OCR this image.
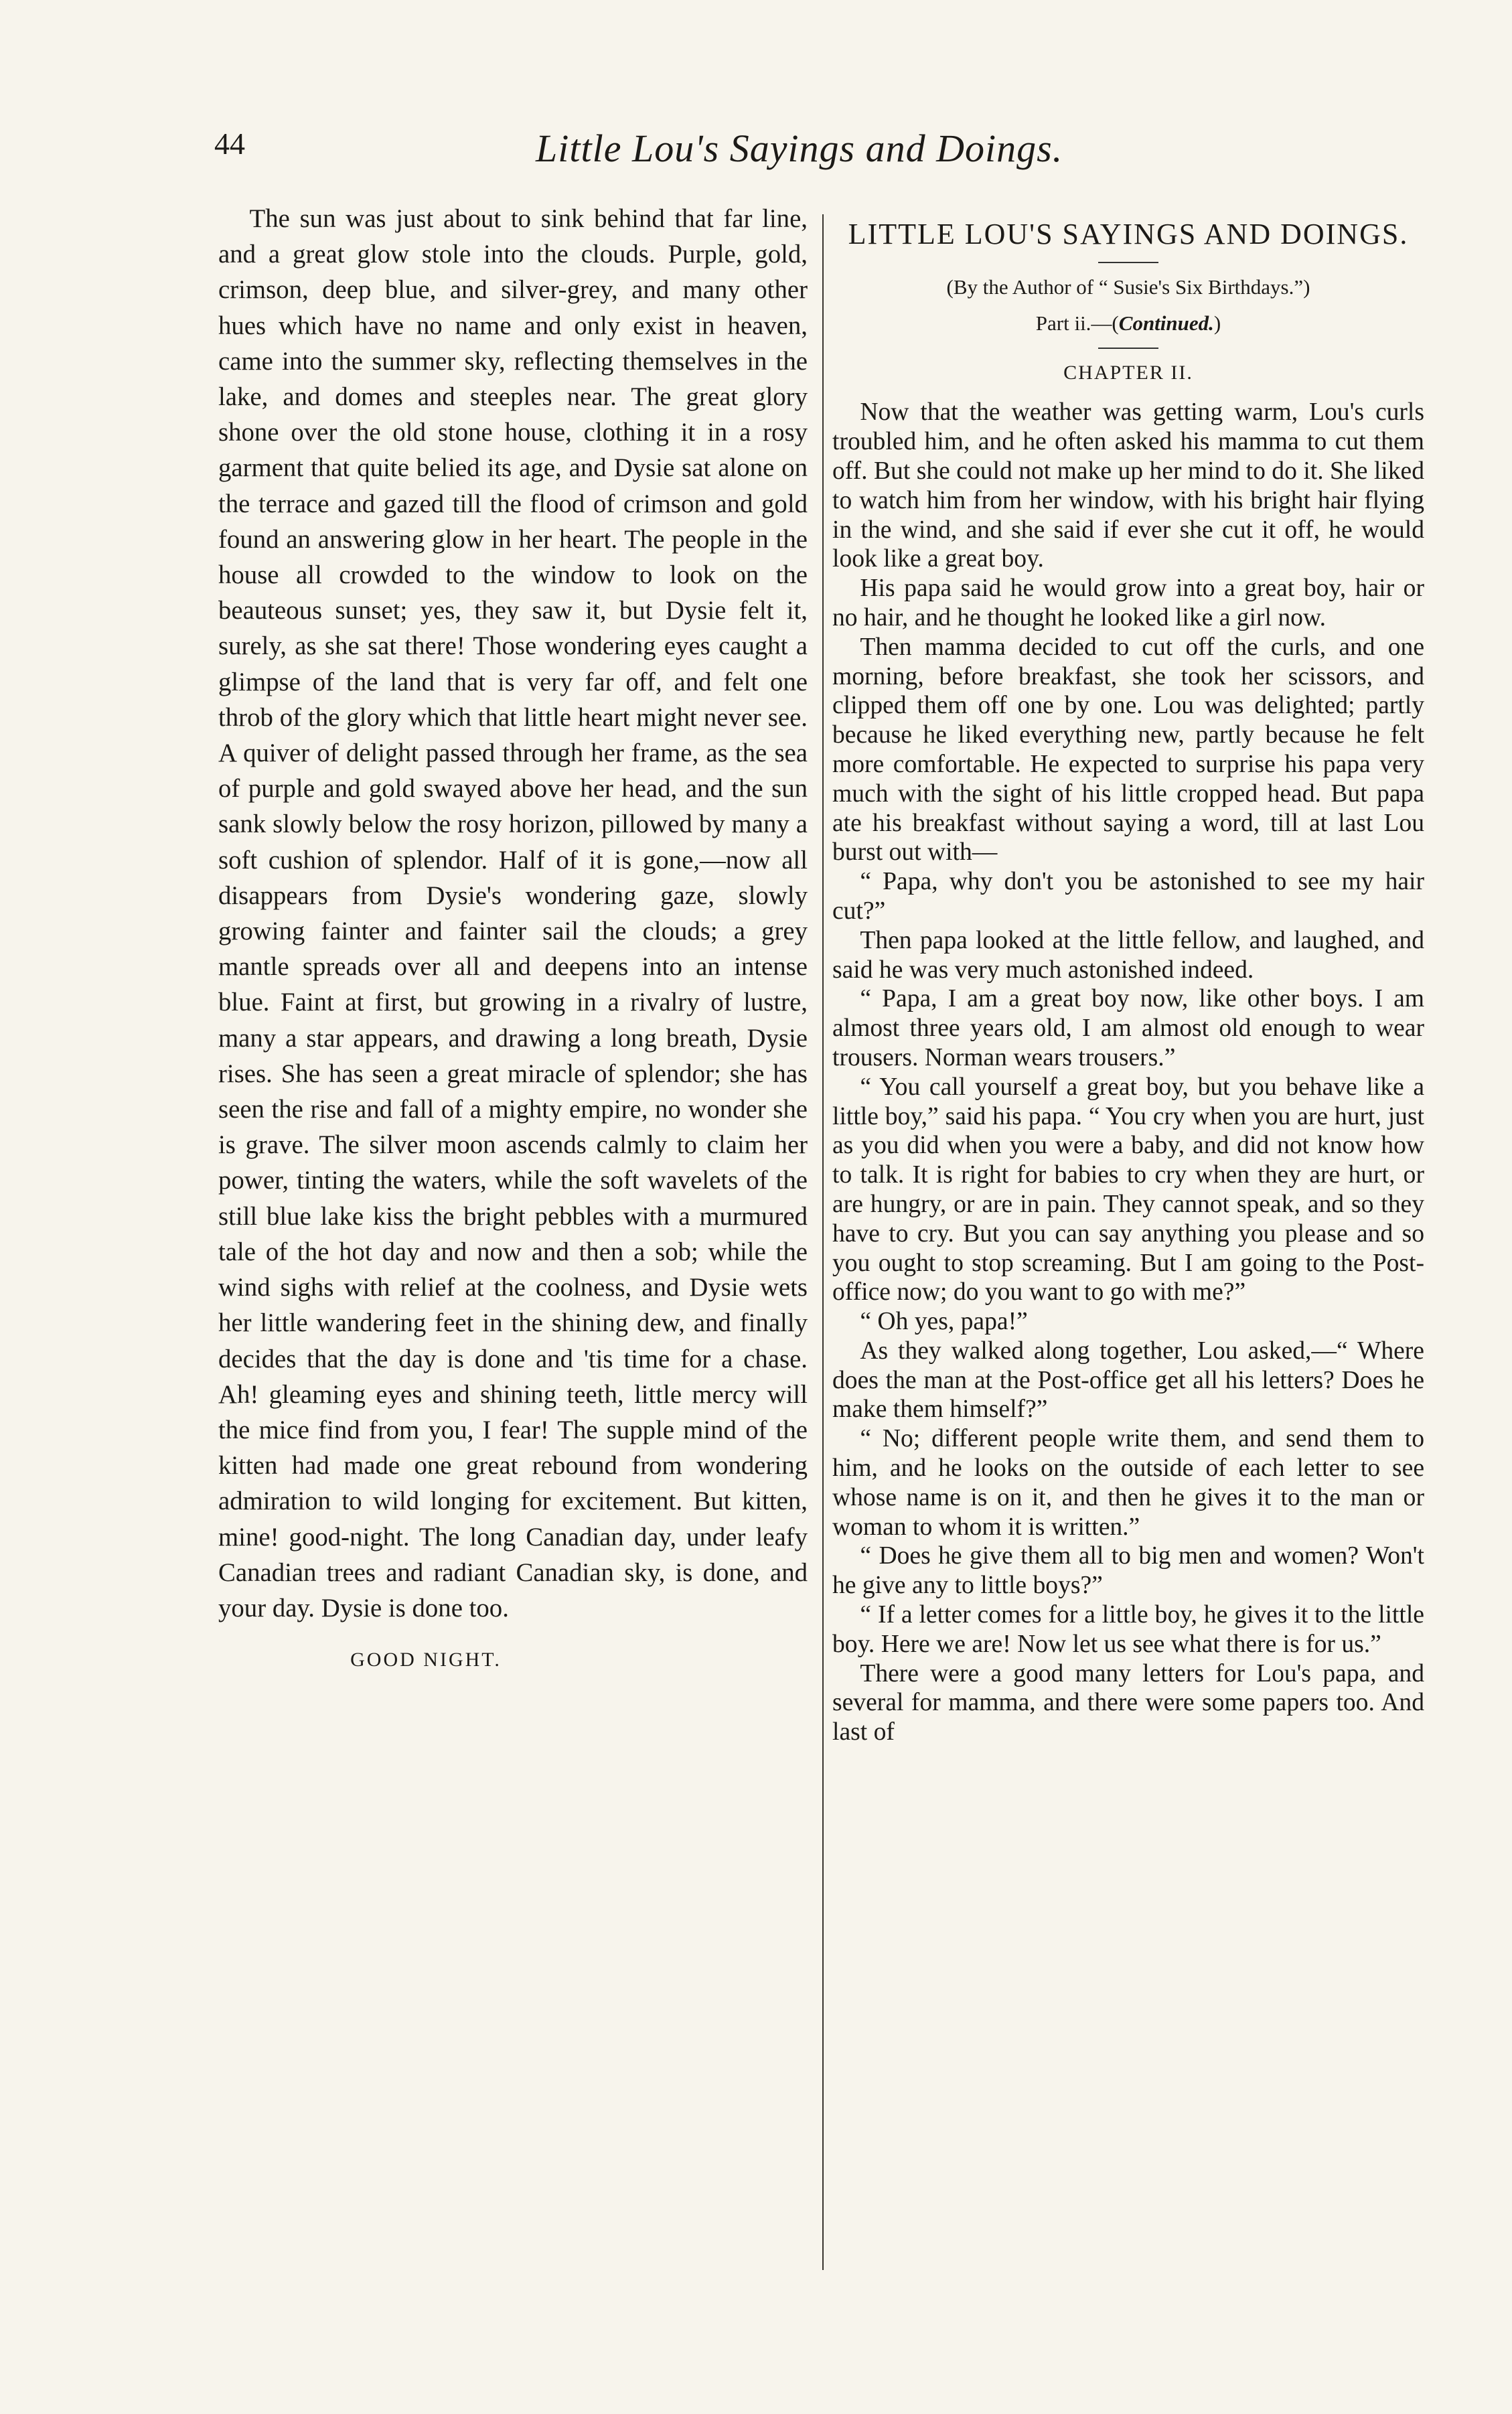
44	Little Lou's Sayings and Doings.

The sun was just about to sink behind that far line, and a great glow stole into the clouds. Purple, gold, crimson, deep blue, and silver-grey, and many other hues which have no name and only exist in heaven, came into the summer sky, reflecting themselves in the lake, and domes and steeples near. The great glory shone over the old stone house, clothing it in a rosy garment that quite belied its age, and Dysie sat alone on the terrace and gazed till the flood of crimson and gold found an answering glow in her heart. The people in the house all crowded to the window to look on the beauteous sunset; yes, they saw it, but Dysie felt it, surely, as she sat there! Those wondering eyes caught a glimpse of the land that is very far off, and felt one throb of the glory which that little heart might never see. A quiver of delight passed through her frame, as the sea of purple and gold swayed above her head, and the sun sank slowly below the rosy horizon, pillowed by many a soft cushion of splendor. Half of it is gone,—now all disappears from Dysie's wondering gaze, slowly growing fainter and fainter sail the clouds; a grey mantle spreads over all and deepens into an intense blue. Faint at first, but growing in a rivalry of lustre, many a star appears, and drawing a long breath, Dysie rises. She has seen a great miracle of splendor; she has seen the rise and fall of a mighty empire, no wonder she is grave. The silver moon ascends calmly to claim her power, tinting the waters, while the soft wavelets of the still blue lake kiss the bright pebbles with a murmured tale of the hot day and now and then a sob; while the wind sighs with relief at the coolness, and Dysie wets her little wandering feet in the shining dew, and finally decides that the day is done and 'tis time for a chase. Ah! gleaming eyes and shining teeth, little mercy will the mice find from you, I fear! The supple mind of the kitten had made one great rebound from wondering admiration to wild longing for excitement. But kitten, mine! good-night. The long Canadian day, under leafy Canadian trees and radiant Canadian sky, is done, and your day. Dysie is done too.

GOOD NIGHT.

LITTLE LOU'S SAYINGS AND DOINGS.
(By the Author of “ Susie's Six Birthdays.”)
Part ii.—(Continued.)
CHAPTER II.

Now that the weather was getting warm, Lou's curls troubled him, and he often asked his mamma to cut them off. But she could not make up her mind to do it. She liked to watch him from her window, with his bright hair flying in the wind, and she said if ever she cut it off, he would look like a great boy.

His papa said he would grow into a great boy, hair or no hair, and he thought he looked like a girl now.

Then mamma decided to cut off the curls, and one morning, before breakfast, she took her scissors, and clipped them off one by one. Lou was delighted; partly because he liked everything new, partly because he felt more comfortable. He expected to surprise his papa very much with the sight of his little cropped head. But papa ate his breakfast without saying a word, till at last Lou burst out with—

“ Papa, why don't you be astonished to see my hair cut?”

Then papa looked at the little fellow, and laughed, and said he was very much astonished indeed.

“ Papa, I am a great boy now, like other boys. I am almost three years old, I am almost old enough to wear trousers. Norman wears trousers.”

“ You call yourself a great boy, but you behave like a little boy,” said his papa. “ You cry when you are hurt, just as you did when you were a baby, and did not know how to talk. It is right for babies to cry when they are hurt, or are hungry, or are in pain. They cannot speak, and so they have to cry. But you can say anything you please and so you ought to stop screaming. But I am going to the Post-office now; do you want to go with me?”

“ Oh yes, papa!”

As they walked along together, Lou asked,—“ Where does the man at the Post-office get all his letters? Does he make them himself?”

“ No; different people write them, and send them to him, and he looks on the outside of each letter to see whose name is on it, and then he gives it to the man or woman to whom it is written.”

“ Does he give them all to big men and women? Won't he give any to little boys?”

“ If a letter comes for a little boy, he gives it to the little boy. Here we are! Now let us see what there is for us.”

There were a good many letters for Lou's papa, and several for mamma, and there were some papers too. And last of
